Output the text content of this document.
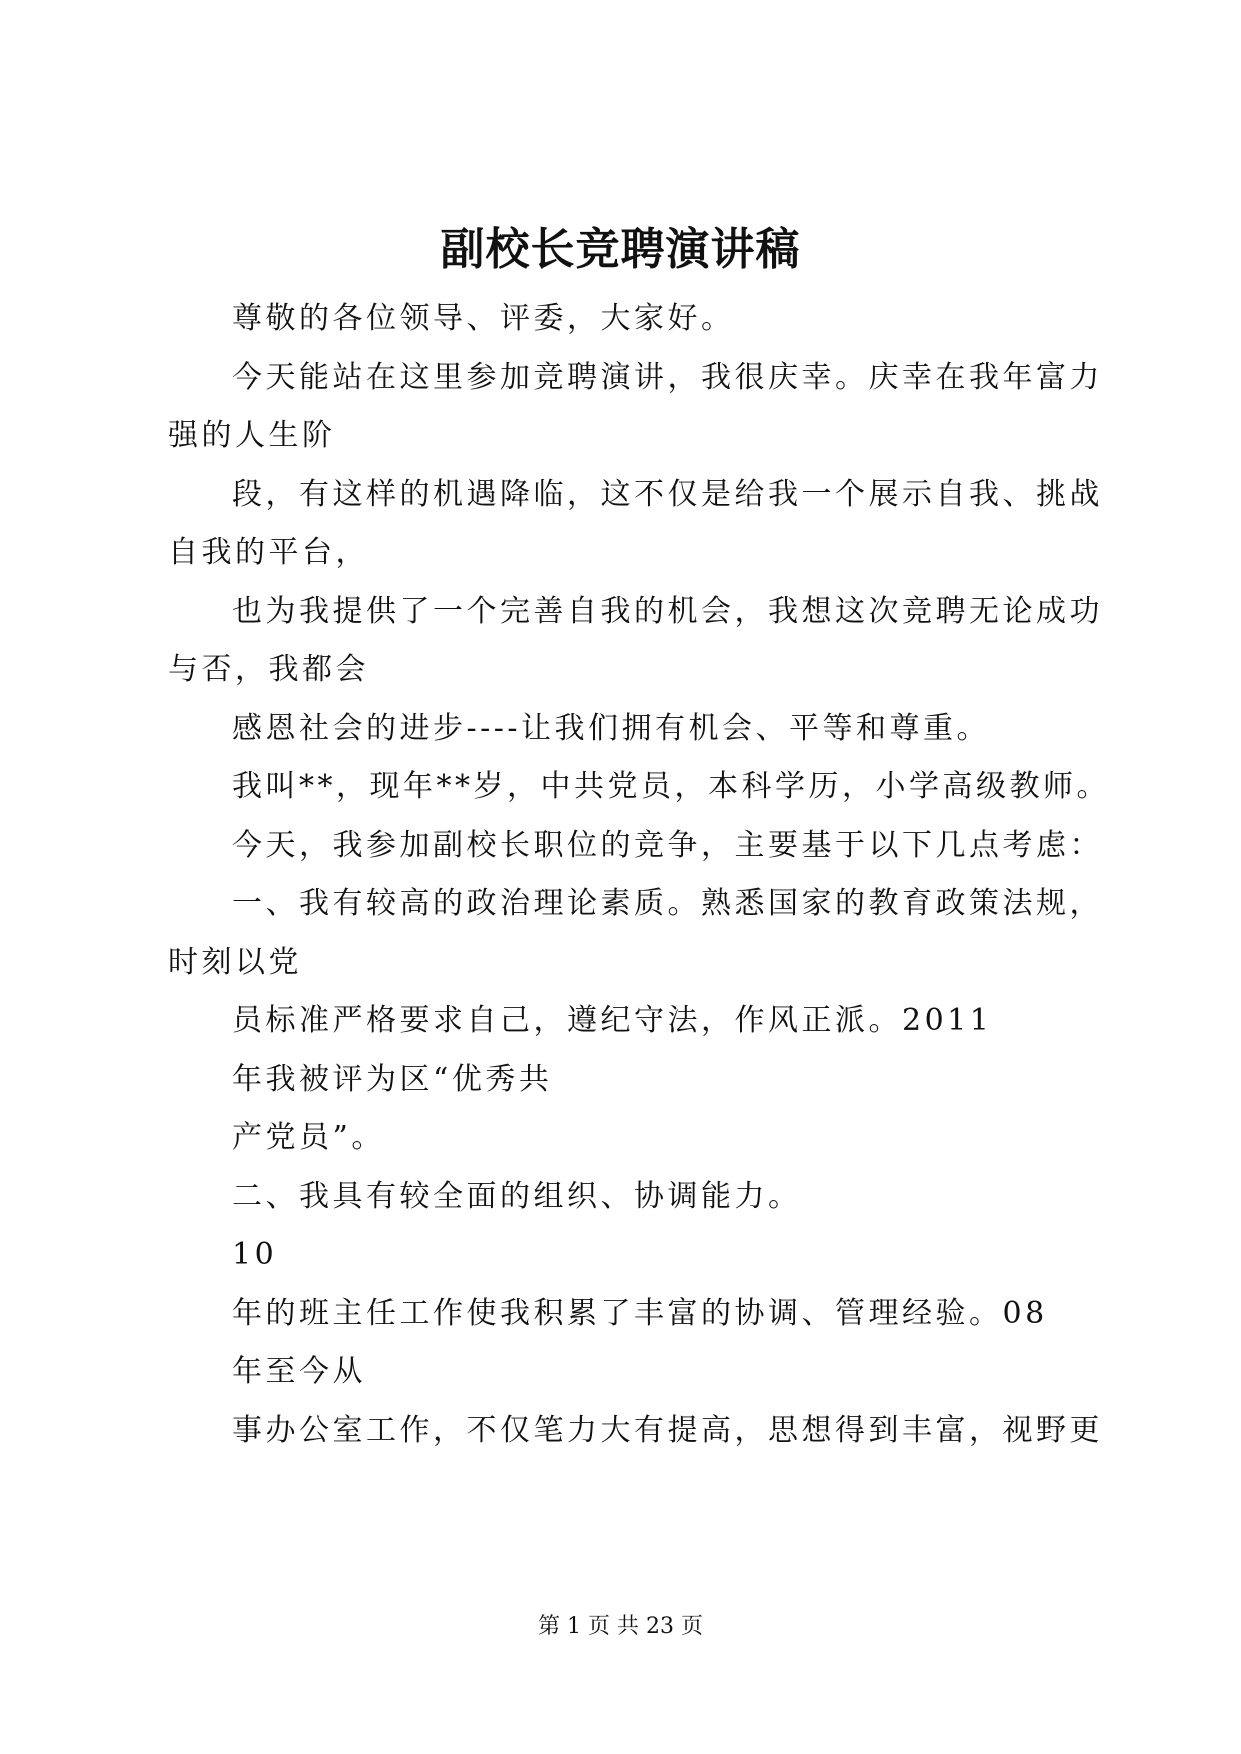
副校长竞聘演讲稿
尊敬的各位领导、评委，大家好。
今天能站在这里参加竞聘演讲，我很庆幸。庆幸在我年富力
强的人生阶
段，有这样的机遇降临，这不仅是给我一个展示自我、挑战
自我的平台，
也为我提供了一个完善自我的机会，我想这次竞聘无论成功
与否，我都会
感恩社会的进步----让我们拥有机会、平等和尊重。
我叫**，现年**岁，中共党员，本科学历，小学高级教师。
今天，我参加副校长职位的竞争，主要基于以下几点考虑：
一、我有较高的政治理论素质。熟悉国家的教育政策法规，
时刻以党
员标准严格要求自己，遵纪守法，作风正派。2011
年我被评为区“优秀共
产党员”。
二、我具有较全面的组织、协调能力。
10
年的班主任工作使我积累了丰富的协调、管理经验。08
年至今从
事办公室工作，不仅笔力大有提高，思想得到丰富，视野更
第 1 页 共 23 页
